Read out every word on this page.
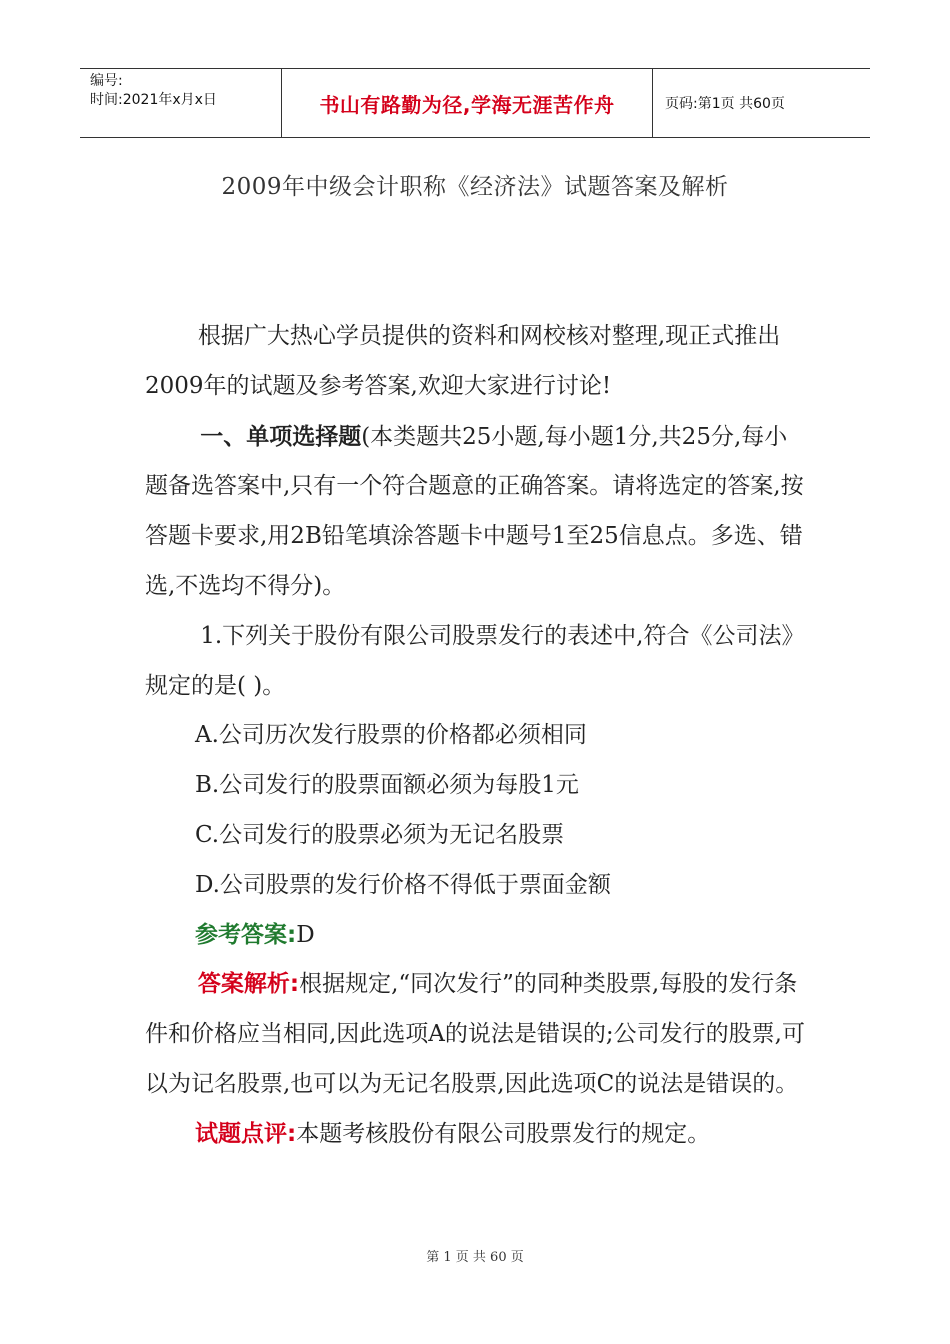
编号:
时间:2021年x月x日	书山有路勤为径,学海无涯苦作舟	页码:第1页 共60页
2009年中级会计职称《经济法》试题答案及解析

根据广大热心学员提供的资料和网校核对整理,现正式推出2009年的试题及参考答案,欢迎大家进行讨论!

一、单项选择题(本类题共25小题,每小题1分,共25分,每小题备选答案中,只有一个符合题意的正确答案。请将选定的答案,按答题卡要求,用2B铅笔填涂答题卡中题号1至25信息点。多选、错选,不选均不得分)。

1.下列关于股份有限公司股票发行的表述中,符合《公司法》规定的是( )。

A.公司历次发行股票的价格都必须相同

B.公司发行的股票面额必须为每股1元

C.公司发行的股票必须为无记名股票

D.公司股票的发行价格不得低于票面金额

参考答案:D

答案解析:根据规定,“同次发行”的同种类股票,每股的发行条件和价格应当相同,因此选项A的说法是错误的;公司发行的股票,可以为记名股票,也可以为无记名股票,因此选项C的说法是错误的。

试题点评:本题考核股份有限公司股票发行的规定。

第 1 页 共 60 页
